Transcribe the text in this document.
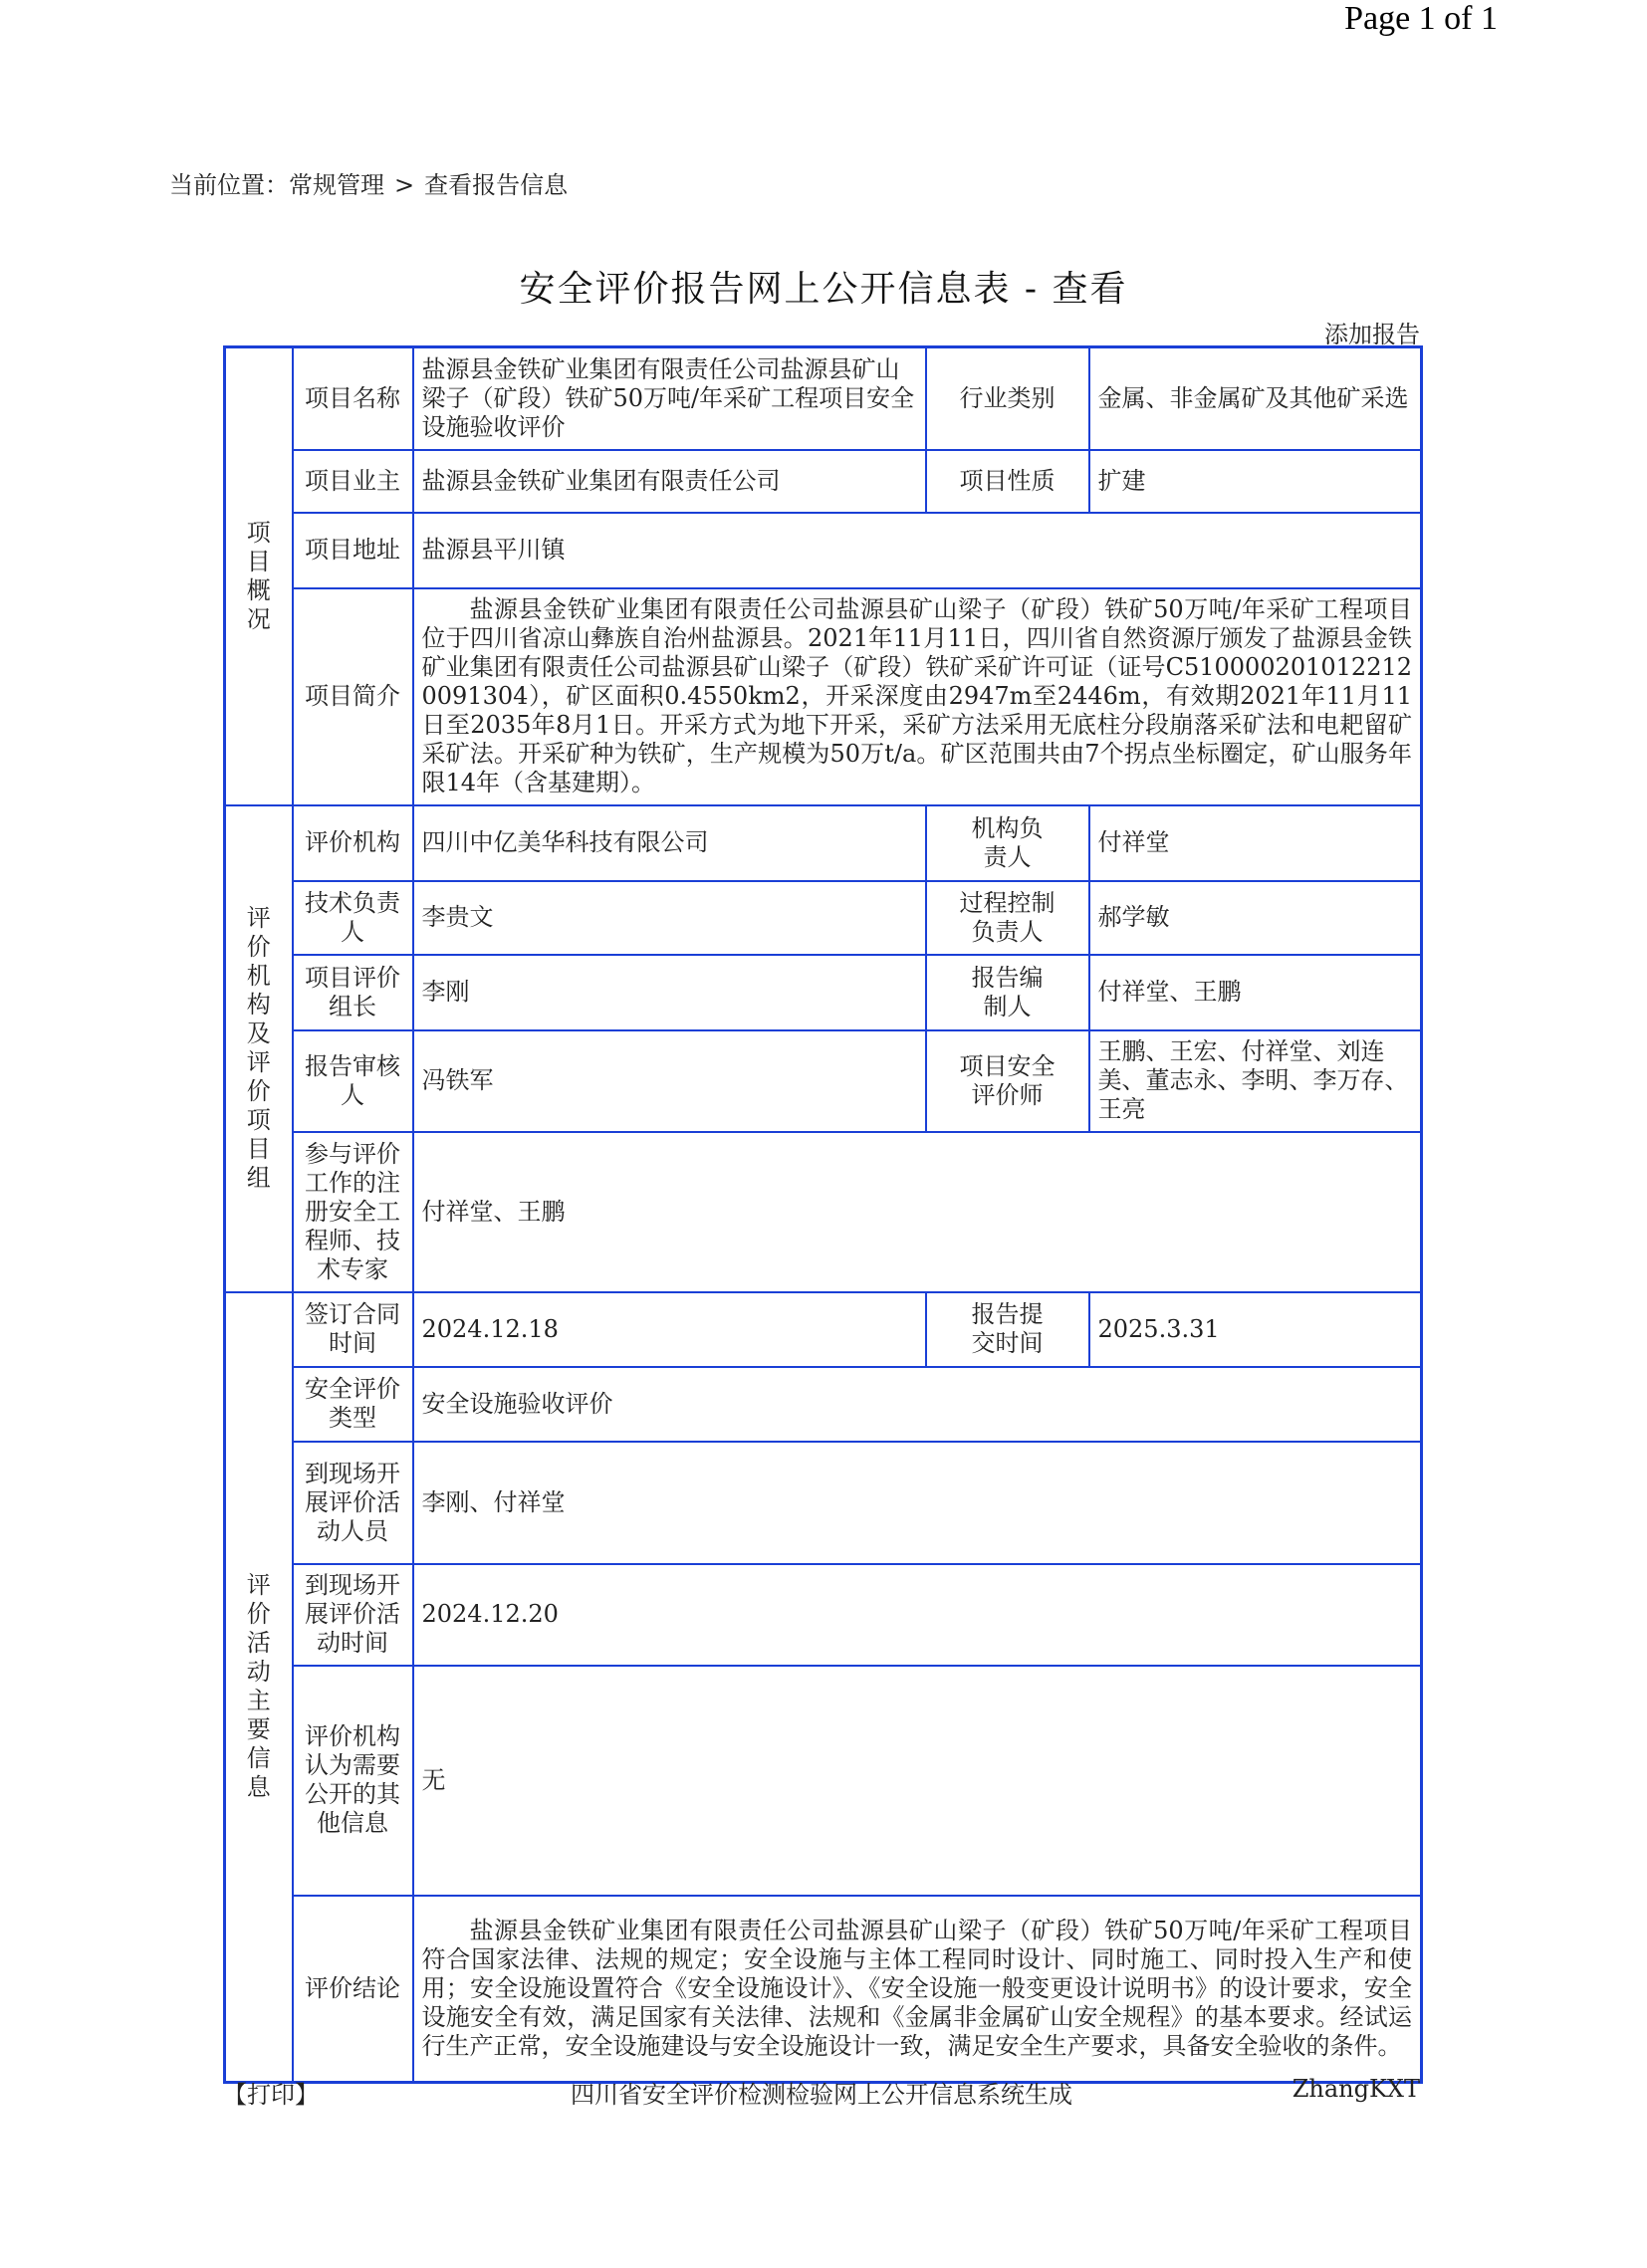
Page 1 of 1
当前位置：常规管理 > 查看报告信息
安全评价报告网上公开信息表 - 查看
添加报告
项目概况	项目名称	盐源县金铁矿业集团有限责任公司盐源县矿山梁子（矿段）铁矿50万吨/年采矿工程项目安全设施验收评价	行业类别	金属、非金属矿及其他矿采选
	项目业主	盐源县金铁矿业集团有限责任公司	项目性质	扩建
	项目地址	盐源县平川镇		
	项目简介	盐源县金铁矿业集团有限责任公司盐源县矿山梁子（矿段）铁矿50万吨/年采矿工程项目位于四川省凉山彝族自治州盐源县。2021年11月11日，四川省自然资源厅颁发了盐源县金铁矿业集团有限责任公司盐源县矿山梁子（矿段）铁矿采矿许可证（证号C5100002010122120091304），矿区面积0.4550km2，开采深度由2947m至2446m，有效期2021年11月11日至2035年8月1日。开采方式为地下开采，采矿方法采用无底柱分段崩落采矿法和电耙留矿采矿法。开采矿种为铁矿，生产规模为50万t/a。矿区范围共由7个拐点坐标圈定，矿山服务年限14年（含基建期）。		
评价机构及评价项目组	评价机构	四川中亿美华科技有限公司	机构负责人	付祥堂
	技术负责人	李贵文	过程控制负责人	郝学敏
	项目评价组长	李刚	报告编制人	付祥堂、王鹏
	报告审核人	冯铁军	项目安全评价师	王鹏、王宏、付祥堂、刘连美、董志永、李明、李万存、王亮
	参与评价工作的注册安全工程师、技术专家	付祥堂、王鹏		
评价活动主要信息	签订合同时间	2024.12.18	报告提交时间	2025.3.31
	安全评价类型	安全设施验收评价		
	到现场开展评价活动人员	李刚、付祥堂		
	到现场开展评价活动时间	2024.12.20		
	评价机构认为需要公开的其他信息	无		
	评价结论	盐源县金铁矿业集团有限责任公司盐源县矿山梁子（矿段）铁矿50万吨/年采矿工程项目符合国家法律、法规的规定；安全设施与主体工程同时设计、同时施工、同时投入生产和使用；安全设施设置符合《安全设施设计》、《安全设施一般变更设计说明书》的设计要求，安全设施安全有效，满足国家有关法律、法规和《金属非金属矿山安全规程》的基本要求。经试运行生产正常，安全设施建设与安全设施设计一致，满足安全生产要求，具备安全验收的条件。		
四川省安全评价检测检验网上公开信息系统生成
【打印】	ZhangKXT
